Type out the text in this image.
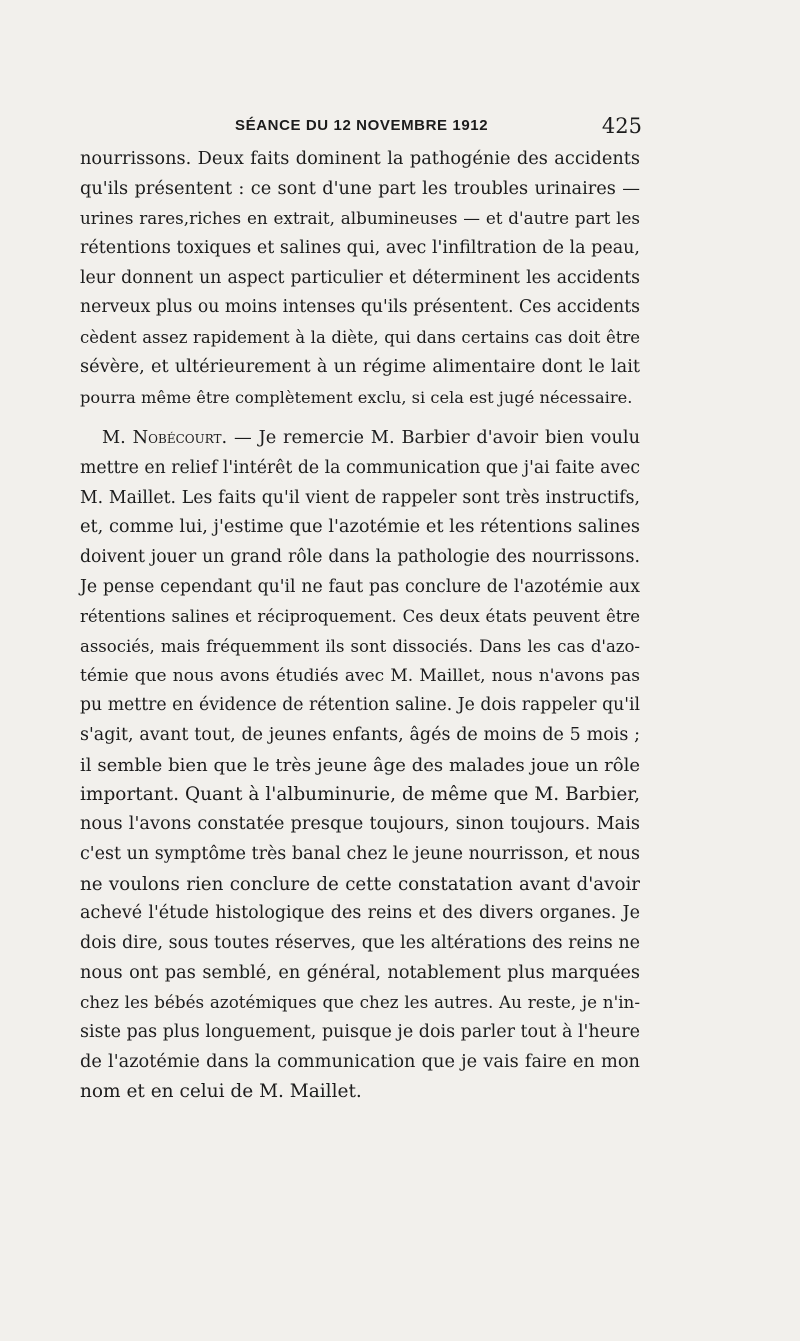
SÉANCE DU 12 NOVEMBRE 1912	425
nourrissons. Deux faits dominent la pathogénie des accidents
qu'ils présentent : ce sont d'une part les troubles urinaires —
urines rares,riches en extrait, albumineuses — et d'autre part les
rétentions toxiques et salines qui, avec l'infiltration de la peau,
leur donnent un aspect particulier et déterminent les accidents
nerveux plus ou moins intenses qu'ils présentent. Ces accidents
cèdent assez rapidement à la diète, qui dans certains cas doit être
sévère, et ultérieurement à un régime alimentaire dont le lait
pourra même être complètement exclu, si cela est jugé nécessaire.
M. Nobécourt. — Je remercie M. Barbier d'avoir bien voulu
mettre en relief l'intérêt de la communication que j'ai faite avec
M. Maillet. Les faits qu'il vient de rappeler sont très instructifs,
et, comme lui, j'estime que l'azotémie et les rétentions salines
doivent jouer un grand rôle dans la pathologie des nourrissons.
Je pense cependant qu'il ne faut pas conclure de l'azotémie aux
rétentions salines et réciproquement. Ces deux états peuvent être
associés, mais fréquemment ils sont dissociés. Dans les cas d'azo-
témie que nous avons étudiés avec M. Maillet, nous n'avons pas
pu mettre en évidence de rétention saline. Je dois rappeler qu'il
s'agit, avant tout, de jeunes enfants, âgés de moins de 5 mois ;
il semble bien que le très jeune âge des malades joue un rôle
important. Quant à l'albuminurie, de même que M. Barbier,
nous l'avons constatée presque toujours, sinon toujours. Mais
c'est un symptôme très banal chez le jeune nourrisson, et nous
ne voulons rien conclure de cette constatation avant d'avoir
achevé l'étude histologique des reins et des divers organes. Je
dois dire, sous toutes réserves, que les altérations des reins ne
nous ont pas semblé, en général, notablement plus marquées
chez les bébés azotémiques que chez les autres. Au reste, je n'in-
siste pas plus longuement, puisque je dois parler tout à l'heure
de l'azotémie dans la communication que je vais faire en mon
nom et en celui de M. Maillet.
